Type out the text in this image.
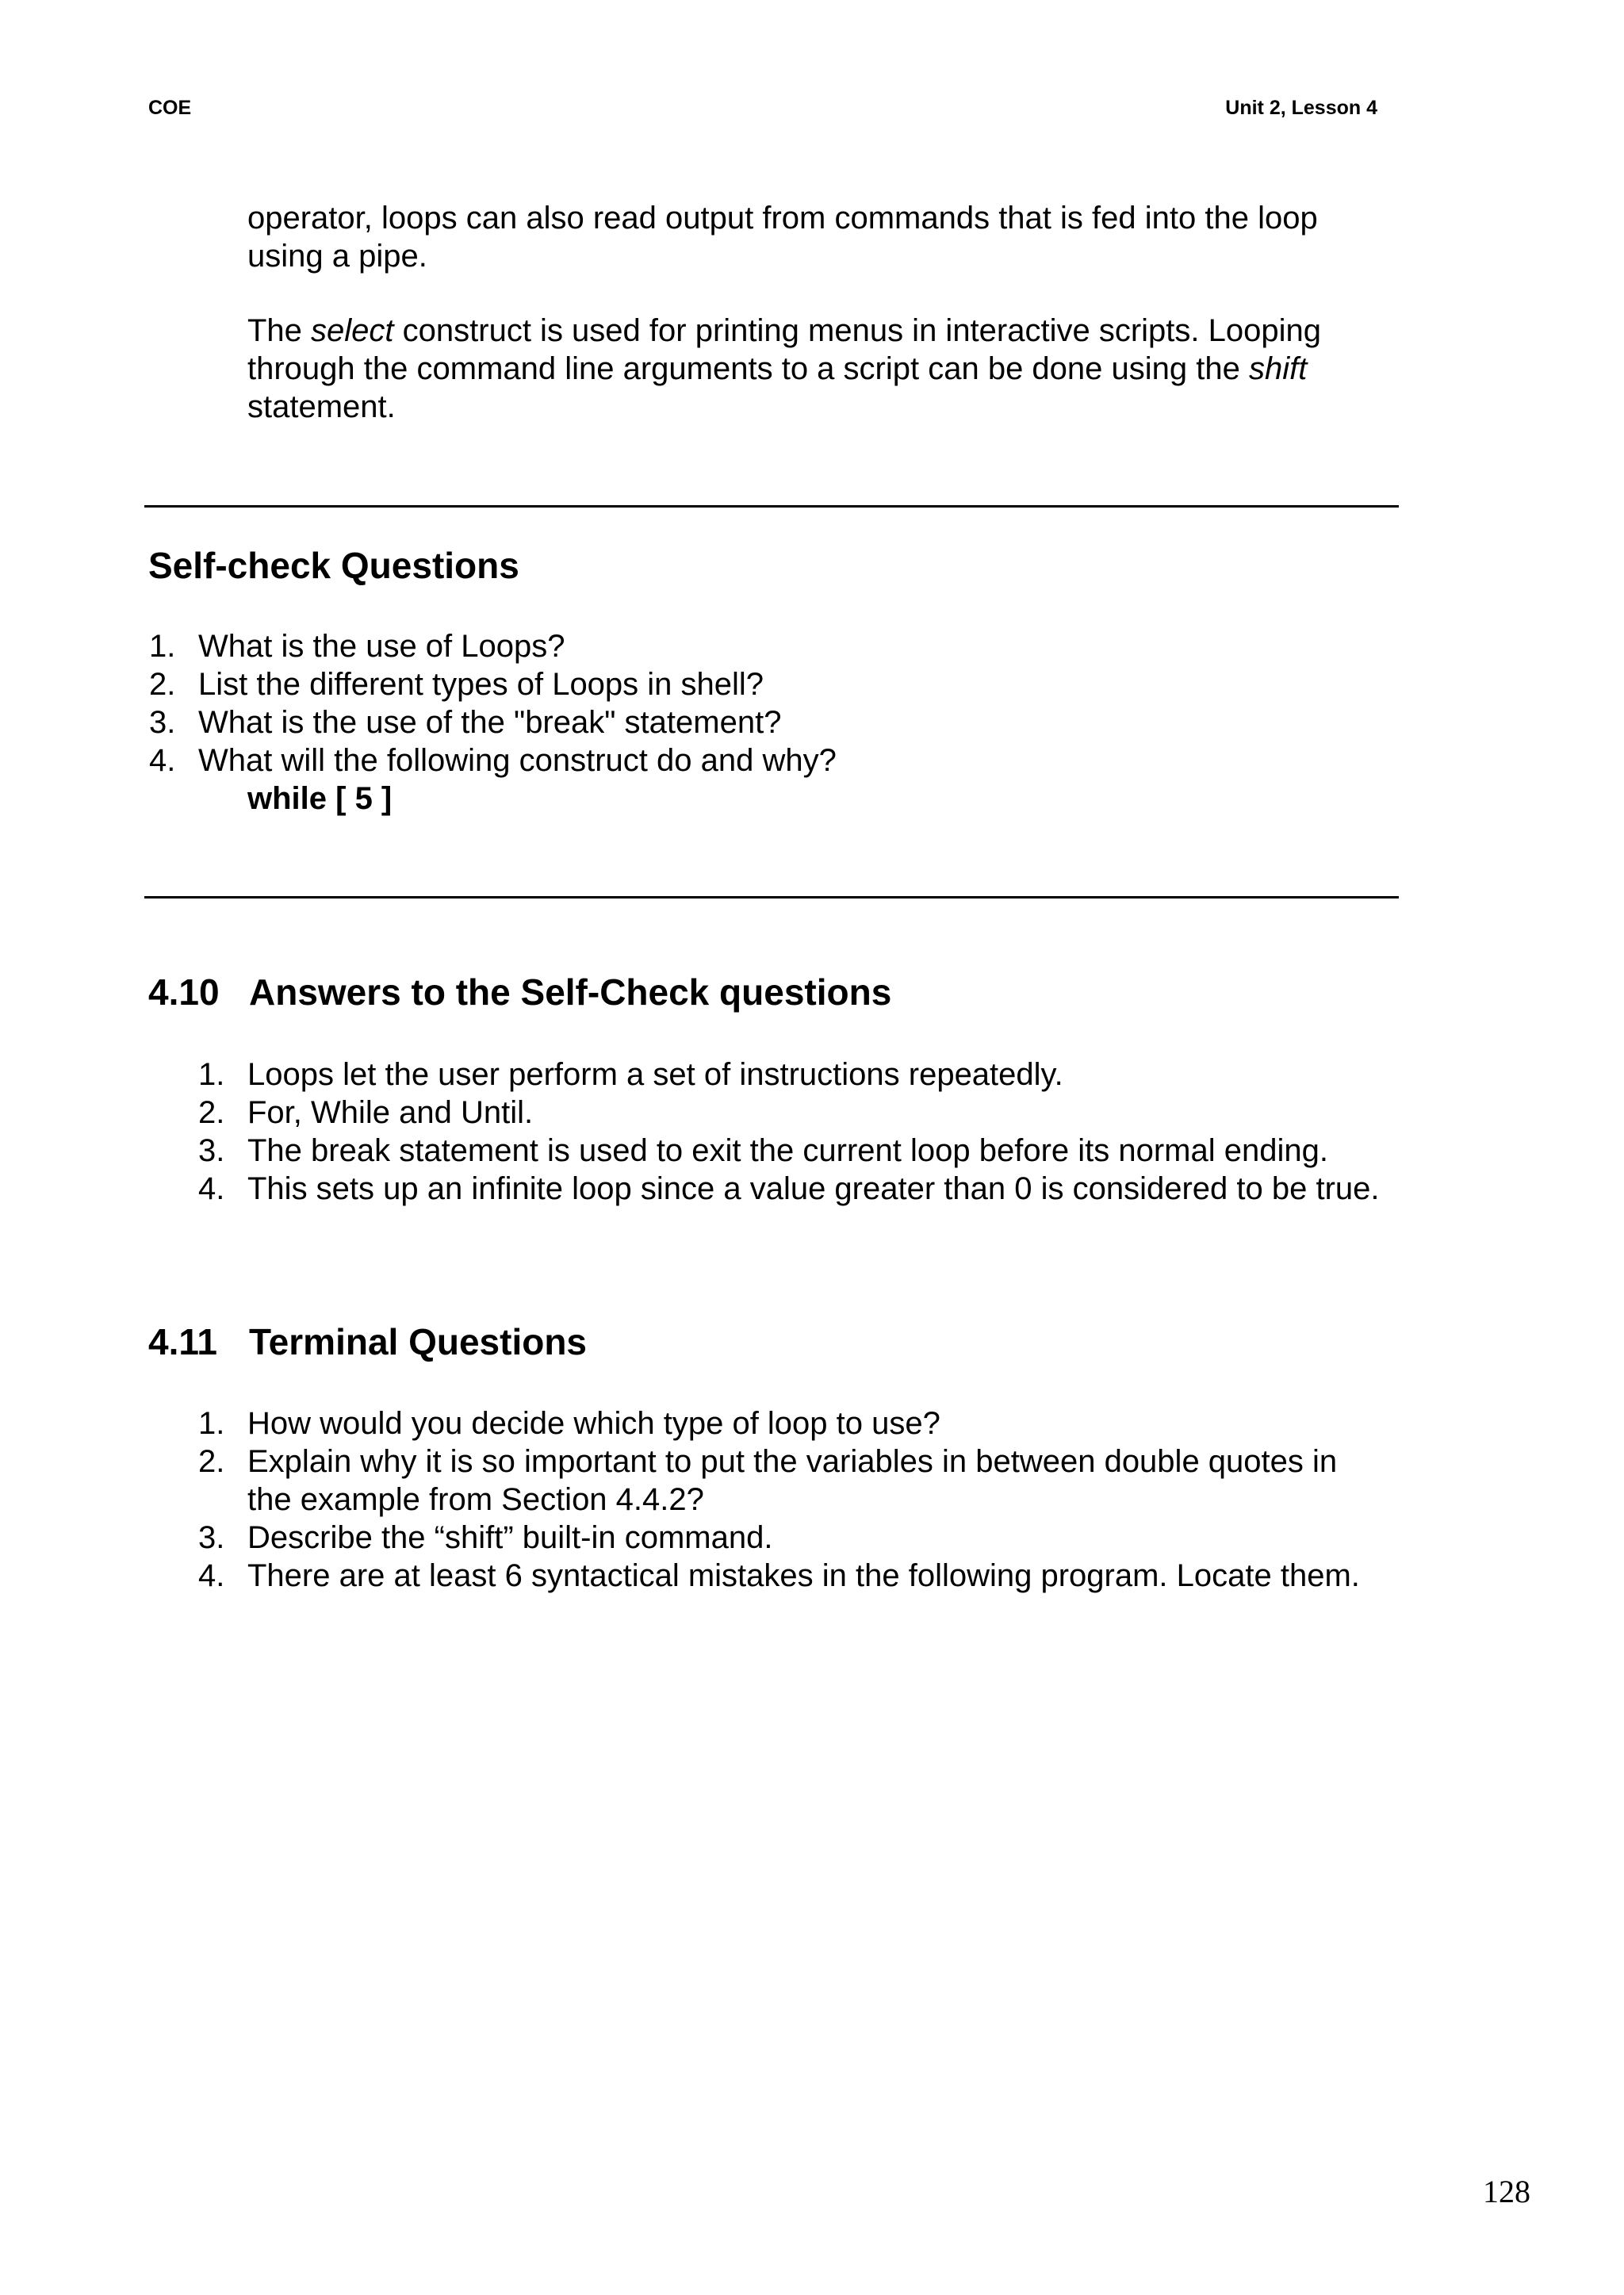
COE	Unit 2, Lesson 4

operator, loops can also read output from commands that is fed into the loop using a pipe.

The select construct is used for printing menus in interactive scripts. Looping through the command line arguments to a script can be done using the shift statement.

Self-check Questions
1. What is the use of Loops?
2. List the different types of Loops in shell?
3. What is the use of the "break" statement?
4. What will the following construct do and why?
while [ 5 ]
4.10 Answers to the Self-Check questions
1. Loops let the user perform a set of instructions repeatedly.
2. For, While and Until.
3. The break statement is used to exit the current loop before its normal ending.
4. This sets up an infinite loop since a value greater than 0 is considered to be true.
4.11 Terminal Questions
1. How would you decide which type of loop to use?
2. Explain why it is so important to put the variables in between double quotes in the example from Section 4.4.2?
3. Describe the “shift” built-in command.
4. There are at least 6 syntactical mistakes in the following program. Locate them.
128
